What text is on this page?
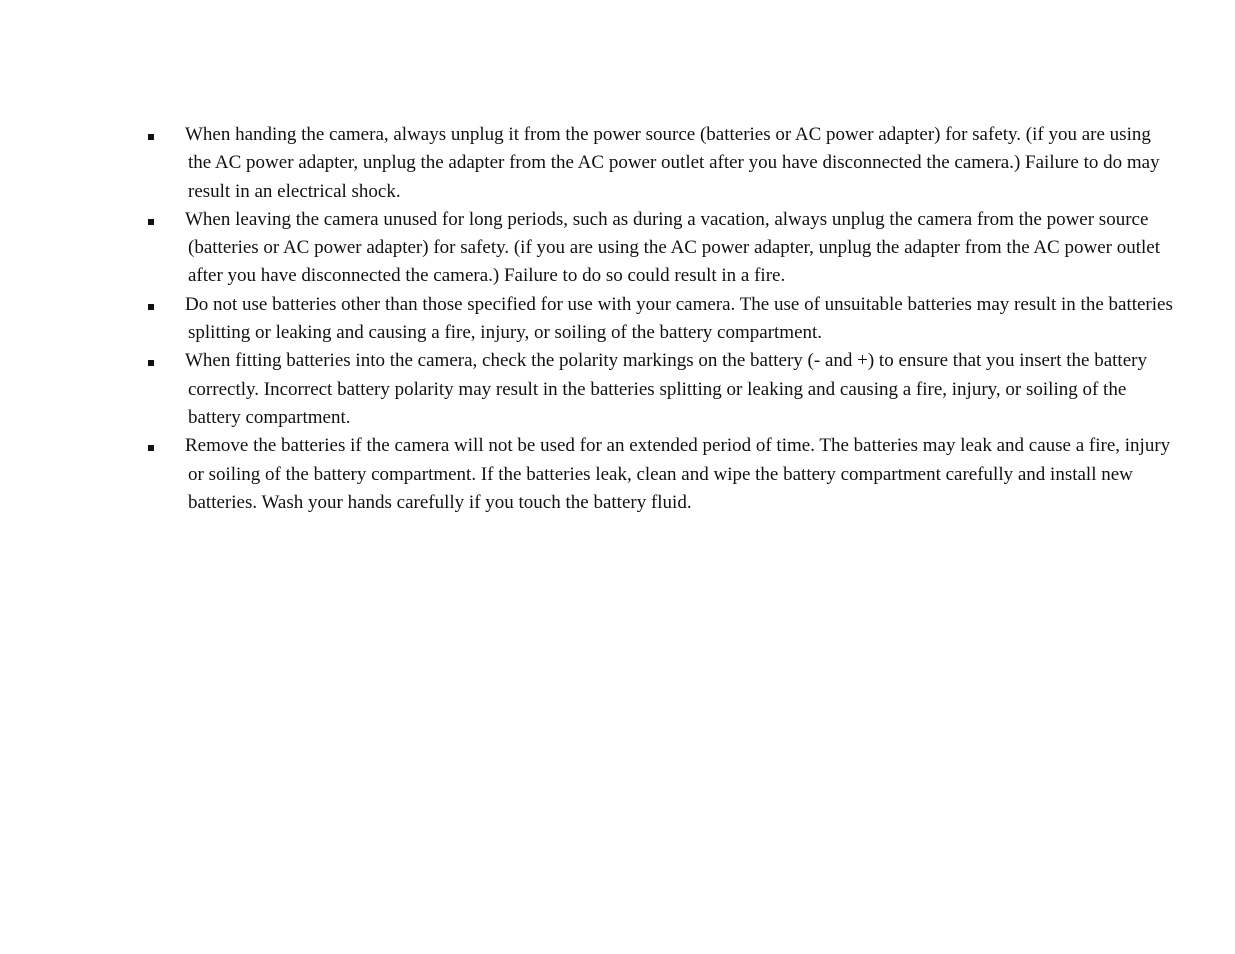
When handing the camera, always unplug it from the power source (batteries or AC power adapter) for safety. (if you are using the AC power adapter, unplug the adapter from the AC power outlet after you have disconnected the camera.) Failure to do may result in an electrical shock.
When leaving the camera unused for long periods, such as during a vacation, always unplug the camera from the power source (batteries or AC power adapter) for safety. (if you are using the AC power adapter, unplug the adapter from the AC power outlet after you have disconnected the camera.) Failure to do so could result in a fire.
Do not use batteries other than those specified for use with your camera. The use of unsuitable batteries may result in the batteries splitting or leaking and causing a fire, injury, or soiling of the battery compartment.
When fitting batteries into the camera, check the polarity markings on the battery (- and +) to ensure that you insert the battery correctly. Incorrect battery polarity may result in the batteries splitting or leaking and causing a fire, injury, or soiling of the battery compartment.
Remove the batteries if the camera will not be used for an extended period of time. The batteries may leak and cause a fire, injury or soiling of the battery compartment. If the batteries leak, clean and wipe the battery compartment carefully and install new batteries. Wash your hands carefully if you touch the battery fluid.
